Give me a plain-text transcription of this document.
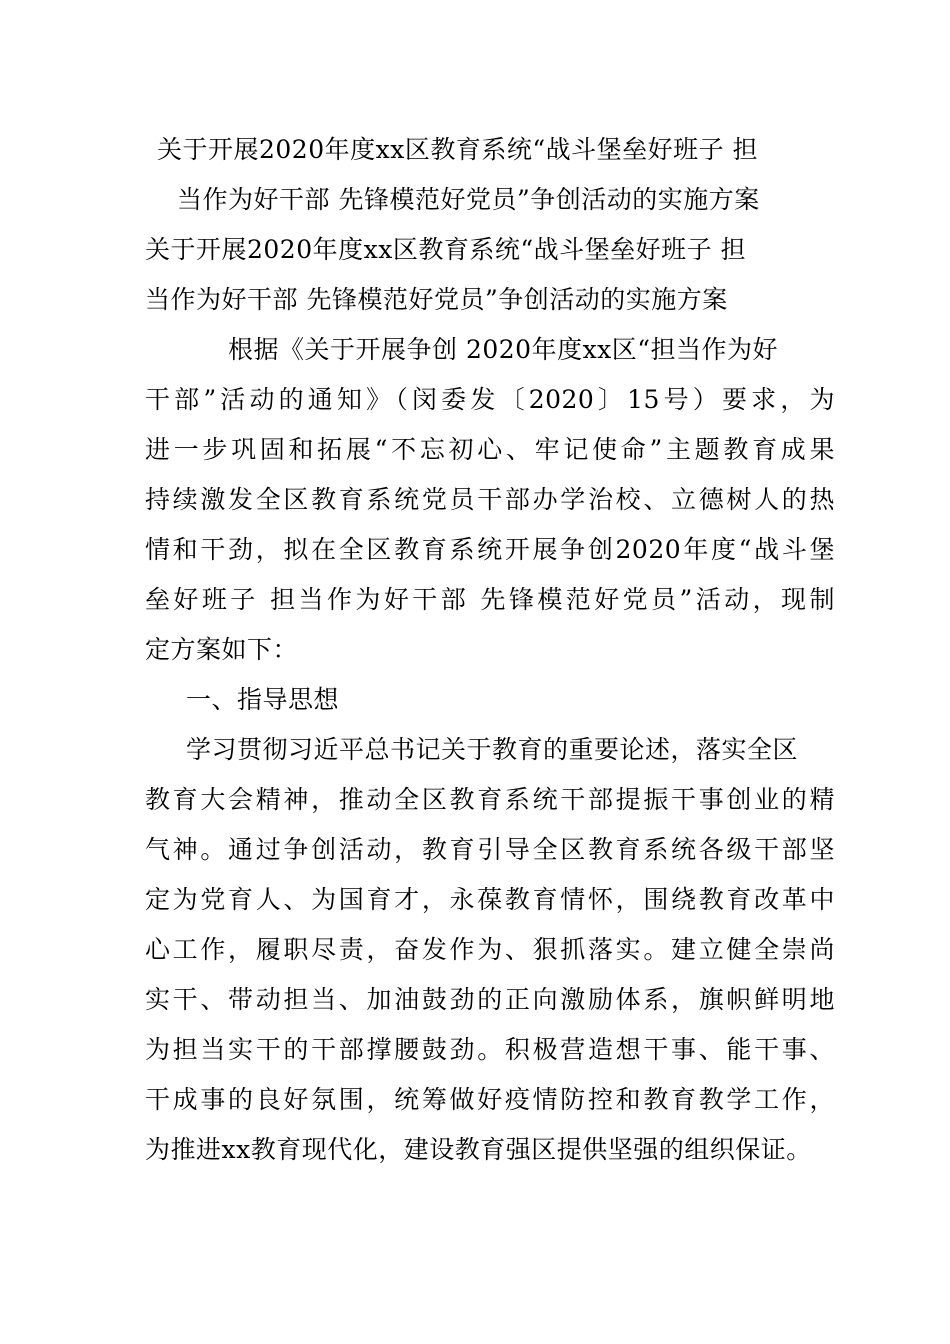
关于开展2020年度xx区教育系统“战斗堡垒好班子 担
当作为好干部 先锋模范好党员”争创活动的实施方案
关于开展2020年度xx区教育系统“战斗堡垒好班子 担
当作为好干部 先锋模范好党员”争创活动的实施方案
根据《关于开展争创 2020年度xx区“担当作为好
干部”活动的通知》（闵委发〔2020〕15号）要求，为
进一步巩固和拓展“不忘初心、牢记使命”主题教育成果
持续激发全区教育系统党员干部办学治校、立德树人的热
情和干劲，拟在全区教育系统开展争创2020年度“战斗堡
垒好班子 担当作为好干部 先锋模范好党员”活动，现制
定方案如下：
一、指导思想
学习贯彻习近平总书记关于教育的重要论述，落实全区
教育大会精神，推动全区教育系统干部提振干事创业的精
气神。通过争创活动，教育引导全区教育系统各级干部坚
定为党育人、为国育才，永葆教育情怀，围绕教育改革中
心工作，履职尽责，奋发作为、狠抓落实。建立健全崇尚
实干、带动担当、加油鼓劲的正向激励体系，旗帜鲜明地
为担当实干的干部撑腰鼓劲。积极营造想干事、能干事、
干成事的良好氛围，统筹做好疫情防控和教育教学工作，
为推进xx教育现代化，建设教育强区提供坚强的组织保证。
